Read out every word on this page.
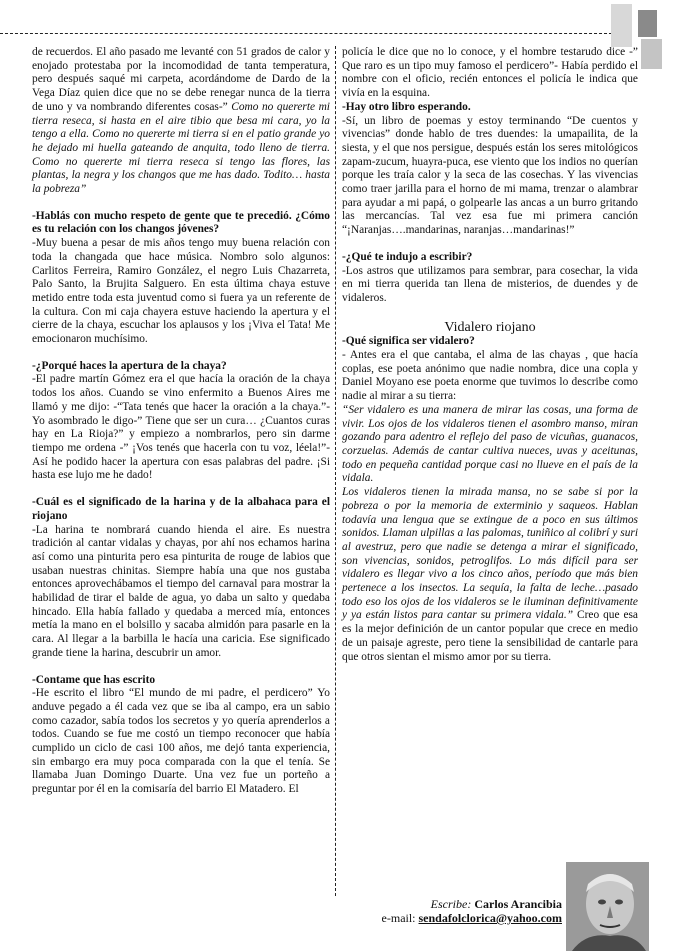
de recuerdos. El año pasado me levanté con 51 grados de calor y enojado protestaba por la incomodidad de tanta temperatura, pero después saqué mi carpeta, acordándome de Dardo de la Vega Díaz quien dice que no se debe renegar nunca de la tierra de uno y va nombrando diferentes cosas-” Como no quererte mi tierra reseca, si hasta en el aire tibio que besa mi cara, yo la tengo a ella. Como no quererte mi tierra si en el patio grande yo he dejado mi huella gateando de anquita, todo lleno de tierra. Como no quererte mi tierra reseca si tengo las flores, las plantas, la negra y los changos que me has dado. Todito… hasta la pobreza”

-Hablás con mucho respeto de gente que te precedió. ¿Cómo es tu relación con los changos jóvenes?

-Muy buena a pesar de mis años tengo muy buena relación con toda la changada que hace música. Nombro solo algunos: Carlitos Ferreira, Ramiro González, el negro Luis Chazarreta, Palo Santo, la Brujita Salguero. En esta última chaya estuve metido entre toda esta juventud como si fuera ya un referente de la cultura. Con mi caja chayera estuve haciendo la apertura y el cierre de la chaya, escuchar los aplausos y los ¡Viva el Tata! Me emocionaron muchísimo.

-¿Porqué haces la apertura de la chaya?

-El padre martín Gómez era el que hacía la oración de la chaya todos los años. Cuando se vino enfermito a Buenos Aires me llamó y me dijo: -“Tata tenés que hacer la oración a la chaya.”- Yo asombrado le digo-” Tiene que ser un cura… ¿Cuantos curas hay en La Rioja?” y empiezo a nombrarlos, pero sin darme tiempo me ordena -” ¡Vos tenés que hacerla con tu voz, léela!”-Así he podido hacer la apertura con esas palabras del padre. ¡Si hasta ese lujo me he dado!

-Cuál es el significado de la harina y de la albahaca para el riojano

-La harina te nombrará cuando hienda el aire. Es nuestra tradición al cantar vidalas y chayas, por ahí nos echamos harina así como una pinturita pero esa pinturita de rouge de labios que usaban nuestras chinitas. Siempre había una que nos gustaba entonces aprovechábamos el tiempo del carnaval para mostrar la habilidad de tirar el balde de agua, yo daba un salto y quedaba hincado. Ella había fallado y quedaba a merced mía, entonces metía la mano en el bolsillo y sacaba almidón para pasarle en la cara. Al llegar a la barbilla le hacía una caricia. Ese significado grande tiene la harina, descubrir un amor.

-Contame que has escrito

-He escrito el libro “El mundo de mi padre, el perdicero” Yo anduve pegado a él cada vez que se iba al campo, era un sabio como cazador, sabía todos los secretos y yo quería aprenderlos a todos. Cuando se fue me costó un tiempo reconocer que había cumplido un ciclo de casi 100 años, me dejó tanta experiencia, sin embargo era muy poca comparada con la que el tenía. Se llamaba Juan Domingo Duarte. Una vez fue un porteño a preguntar por él en la comisaría del barrio El Matadero. El

policía le dice que no lo conoce, y el hombre testarudo dice -” Que raro es un tipo muy famoso el perdicero”- Había perdido el nombre con el oficio, recién entonces el policía le indica que vivía en la esquina.

-Hay otro libro esperando.

-Sí, un libro de poemas y estoy terminando “De cuentos y vivencias” donde hablo de tres duendes: la umapailita, de la siesta, y el que nos persigue, después están los seres mitológicos zapam-zucum, huayra-puca, ese viento que los indios no querían porque les traía calor y la seca de las cosechas. Y las vivencias como traer jarilla para el horno de mi mama, trenzar o alambrar para ayudar a mi papá, o golpearle las ancas a un burro gritando las mercancías. Tal vez esa fue mi primera canción “¡Naranjas….mandarinas, naranjas…mandarinas!”

-¿Qué te indujo a escribir?

-Los astros que utilizamos para sembrar, para cosechar, la vida en mi tierra querida tan llena de misterios, de duendes y de vidaleros.

Vidalero riojano

-Qué significa ser vidalero?

- Antes era el que cantaba, el alma de las chayas , que hacía coplas, ese poeta anónimo que nadie nombra, dice una copla y Daniel Moyano ese poeta enorme que tuvimos lo describe como nadie al mirar a su tierra:

“Ser vidalero es una manera de mirar las cosas, una forma de vivir. Los ojos de los vidaleros tienen el asombro manso, miran gozando para adentro el reflejo del paso de vicuñas, guanacos, corzuelas. Además de cantar cultiva nueces, uvas y aceitunas, todo en pequeña cantidad porque casi no llueve en el país de la vidala.

Los vidaleros tienen la mirada mansa, no se sabe si por la pobreza o por la memoria de exterminio y saqueos. Hablan todavía una lengua que se extingue de a poco en sus últimos sonidos. Llaman ulpillas a las palomas, tuniñico al colibrí y suri al avestruz, pero que nadie se detenga a mirar el significado, son vivencias, sonidos, petroglifos. Lo más difícil para ser vidalero es llegar vivo a los cinco años, período que más bien pertenece a los insectos. La sequía, la falta de leche…pasado todo eso los ojos de los vidaleros se le iluminan definitivamente y ya están listos para cantar su primera vidala.” Creo que esa es la mejor definición de un cantor popular que crece en medio de un paisaje agreste, pero tiene la sensibilidad de cantarle para que otros sientan el mismo amor por su tierra.

Escribe: Carlos Arancibia
e-mail: sendafolclorica@yahoo.com
